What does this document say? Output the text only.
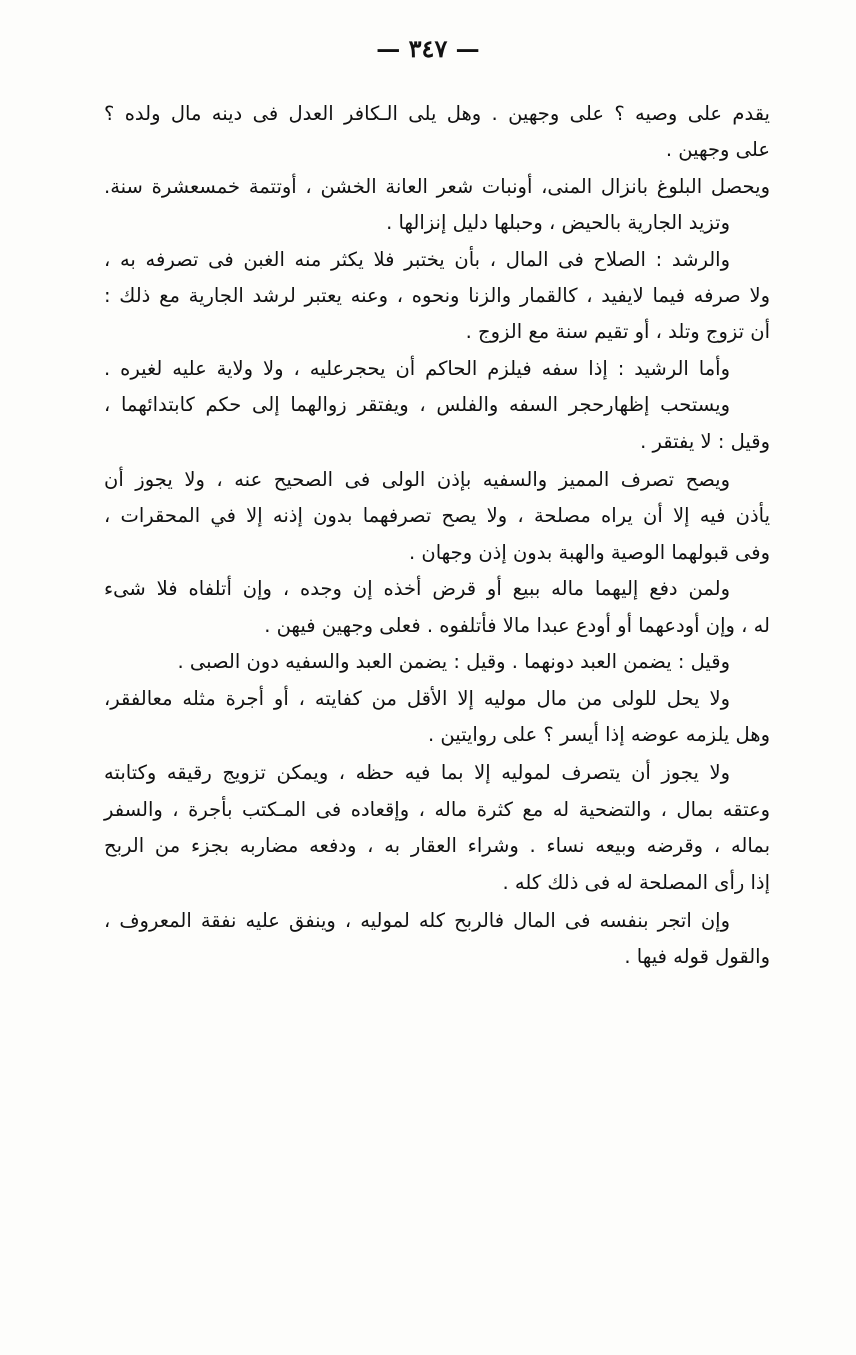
— ٣٤٧ —

يقدم على وصيه ؟ على وجهين . وهل يلى الـكافر العدل فى دينه مال ولده ؟

على وجهين .

ويحصل البلوغ بانزال المنى، أونبات شعر العانة الخشن ، أوتتمة خمسعشرة سنة.

وتزيد الجارية بالحيض ، وحبلها دليل إنزالها .

والرشد : الصلاح فى المال ، بأن يختبر فلا يكثر منه الغبن فى تصرفه به ،

ولا صرفه فيما لايفيد ، كالقمار والزنا ونحوه ، وعنه يعتبر لرشد الجارية مع ذلك :

أن تزوج وتلد ، أو تقيم سنة مع الزوج .

وأما الرشيد : إذا سفه فيلزم الحاكم أن يحجرعليه ، ولا ولاية عليه لغيره .

ويستحب إظهارحجر السفه والفلس ، ويفتقر زوالهما إلى حكم كابتدائهما ،

وقيل : لا يفتقر .

ويصح تصرف المميز والسفيه بإذن الولى فى الصحيح عنه ، ولا يجوز أن

يأذن فيه إلا أن يراه مصلحة ، ولا يصح تصرفهما بدون إذنه إلا في المحقرات ،

وفى قبولهما الوصية والهبة بدون إذن وجهان .

ولمن دفع إليهما ماله ببيع أو قرض أخذه إن وجده ، وإن أتلفاه فلا شىء

له ، وإن أودعهما أو أودع عبدا مالا فأتلفوه . فعلى وجهين فيهن .

وقيل : يضمن العبد دونهما . وقيل : يضمن العبد والسفيه دون الصبى .

ولا يحل للولى من مال موليه إلا الأقل من كفايته ، أو أجرة مثله معالفقر،

وهل يلزمه عوضه إذا أيسر ؟ على روايتين .

ولا يجوز أن يتصرف لموليه إلا بما فيه حظه ، ويمكن تزويج رقيقه وكتابته

وعتقه بمال ، والتضحية له مع كثرة ماله ، وإقعاده فى المـكتب بأجرة ، والسفر

بماله ، وقرضه وبيعه نساء . وشراء العقار به ، ودفعه مضاربه بجزء من الربح

إذا رأى المصلحة له فى ذلك كله .

وإن اتجر بنفسه فى المال فالربح كله لموليه ، وينفق عليه نفقة المعروف ،

والقول قوله فيها .
